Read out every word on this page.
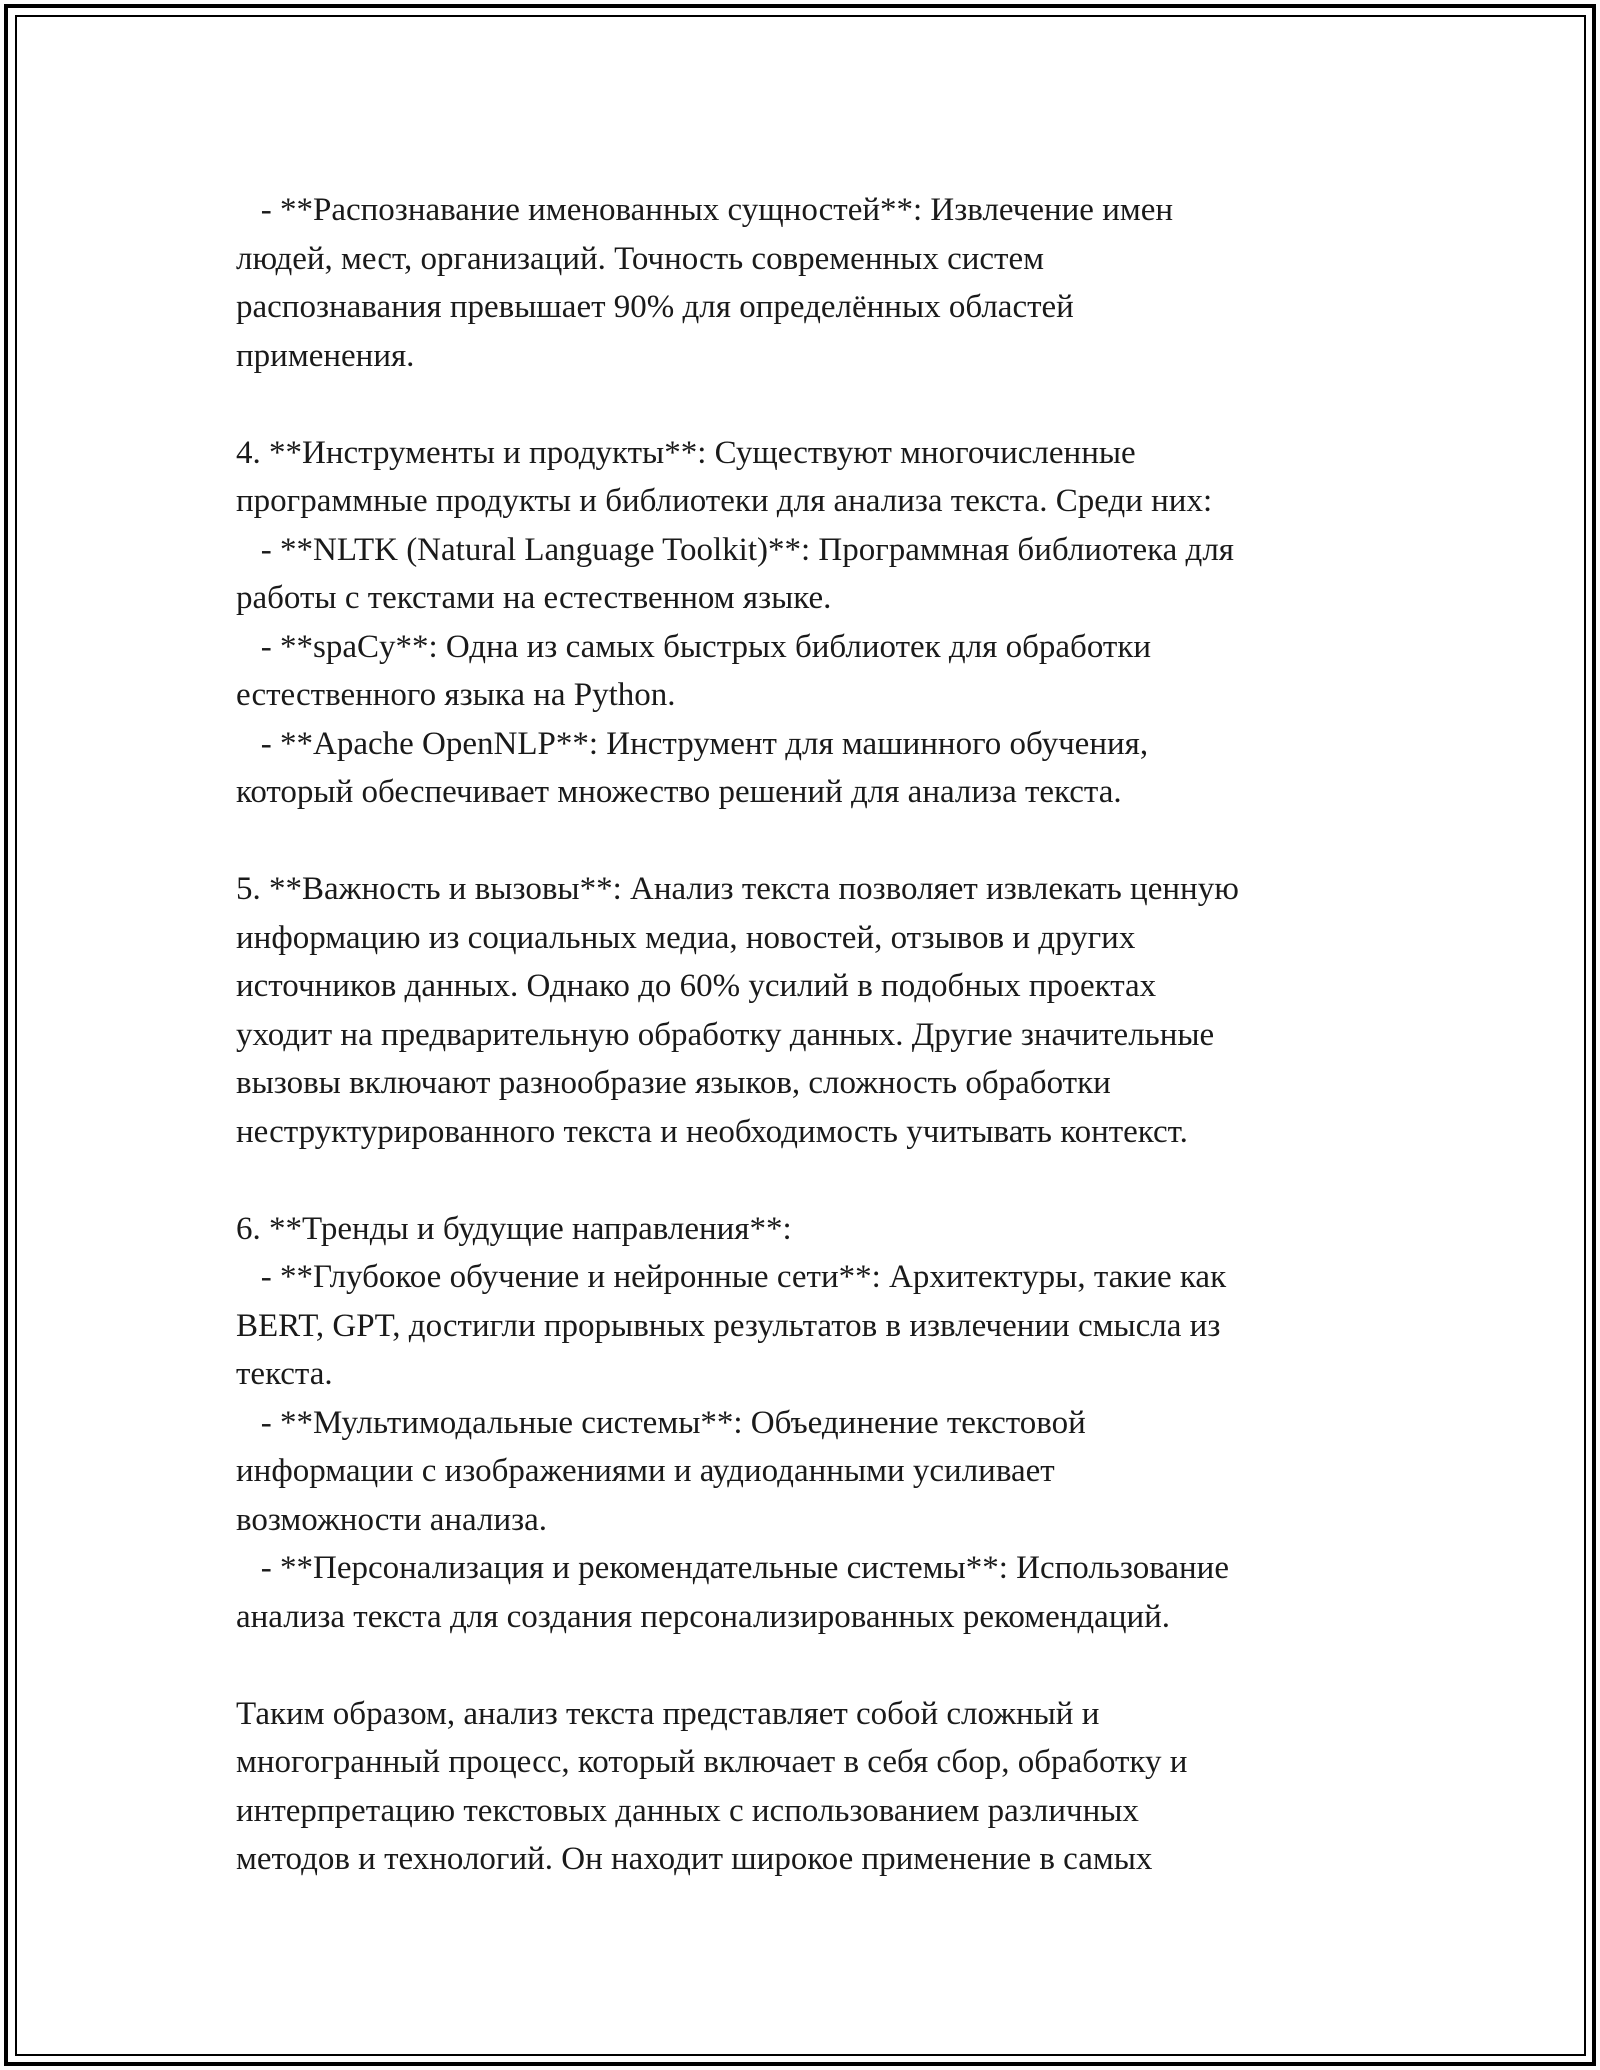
- **Распознавание именованных сущностей**: Извлечение имен
людей, мест, организаций. Точность современных систем
распознавания превышает 90% для определённых областей
применения.
4. **Инструменты и продукты**: Существуют многочисленные
программные продукты и библиотеки для анализа текста. Среди них:
- **NLTK (Natural Language Toolkit)**: Программная библиотека для
работы с текстами на естественном языке.
- **spaCy**: Одна из самых быстрых библиотек для обработки
естественного языка на Python.
- **Apache OpenNLP**: Инструмент для машинного обучения,
который обеспечивает множество решений для анализа текста.
5. **Важность и вызовы**: Анализ текста позволяет извлекать ценную
информацию из социальных медиа, новостей, отзывов и других
источников данных. Однако до 60% усилий в подобных проектах
уходит на предварительную обработку данных. Другие значительные
вызовы включают разнообразие языков, сложность обработки
неструктурированного текста и необходимость учитывать контекст.
6. **Тренды и будущие направления**:
- **Глубокое обучение и нейронные сети**: Архитектуры, такие как
BERT, GPT, достигли прорывных результатов в извлечении смысла из
текста.
- **Мультимодальные системы**: Объединение текстовой
информации с изображениями и аудиоданными усиливает
возможности анализа.
- **Персонализация и рекомендательные системы**: Использование
анализа текста для создания персонализированных рекомендаций.
Таким образом, анализ текста представляет собой сложный и
многогранный процесс, который включает в себя сбор, обработку и
интерпретацию текстовых данных с использованием различных
методов и технологий. Он находит широкое применение в самых
